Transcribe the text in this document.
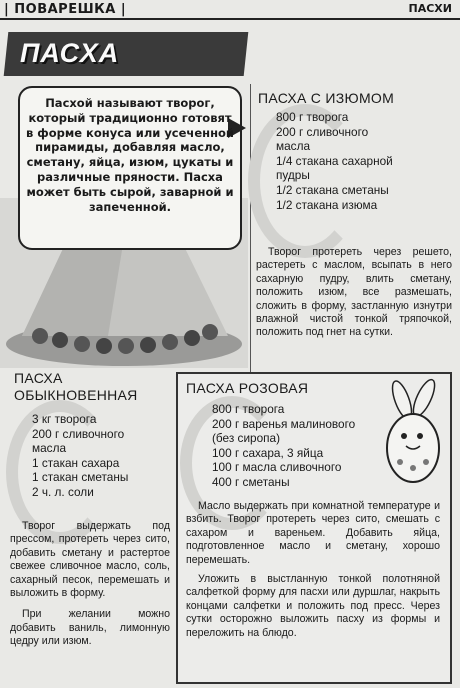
| ПОВАРЕШКА |	ПАСХИ
ПАСХА
Пасхой называют творог, который традиционно готовят в форме конуса или усеченной пирамиды, добавляя масло, сметану, яйца, изюм, цукаты и различные пряности. Пасха может быть сырой, заварной и запеченной.
ПАСХА С ИЗЮМОМ
800 г творога
200 г сливочного
масла
1/4 стакана сахарной
пудры
1/2 стакана сметаны
1/2 стакана изюма

Творог протереть через решето, растереть с маслом, всыпать в него сахарную пудру, влить сметану, положить изюм, все размешать, сложить в форму, застланную изнутри влажной чистой тонкой тряпочкой, положить под гнет на сутки.

ПАСХА
ОБЫКНОВЕННАЯ
3 кг творога
200 г сливочного
масла
1 стакан сахара
1 стакан сметаны
2 ч. л. соли

Творог выдержать под прессом, протереть через сито, добавить сметану и растертое свежее сливочное масло, соль, сахарный песок, перемешать и выложить в форму.

При желании можно добавить ваниль, лимонную цедру или изюм.

ПАСХА РОЗОВАЯ
800 г творога
200 г варенья малинового
(без сиропа)
100 г сахара, 3 яйца
100 г масла сливочного
400 г сметаны

Масло выдержать при комнатной температуре и взбить. Творог протереть через сито, смешать с сахаром и вареньем. Добавить яйца, подготовленное масло и сметану, хорошо перемешать.

Уложить в выстланную тонкой полотняной салфеткой форму для пасхи или дуршлаг, накрыть концами салфетки и положить под пресс. Через сутки осторожно выложить пасху из формы и переложить на блюдо.
